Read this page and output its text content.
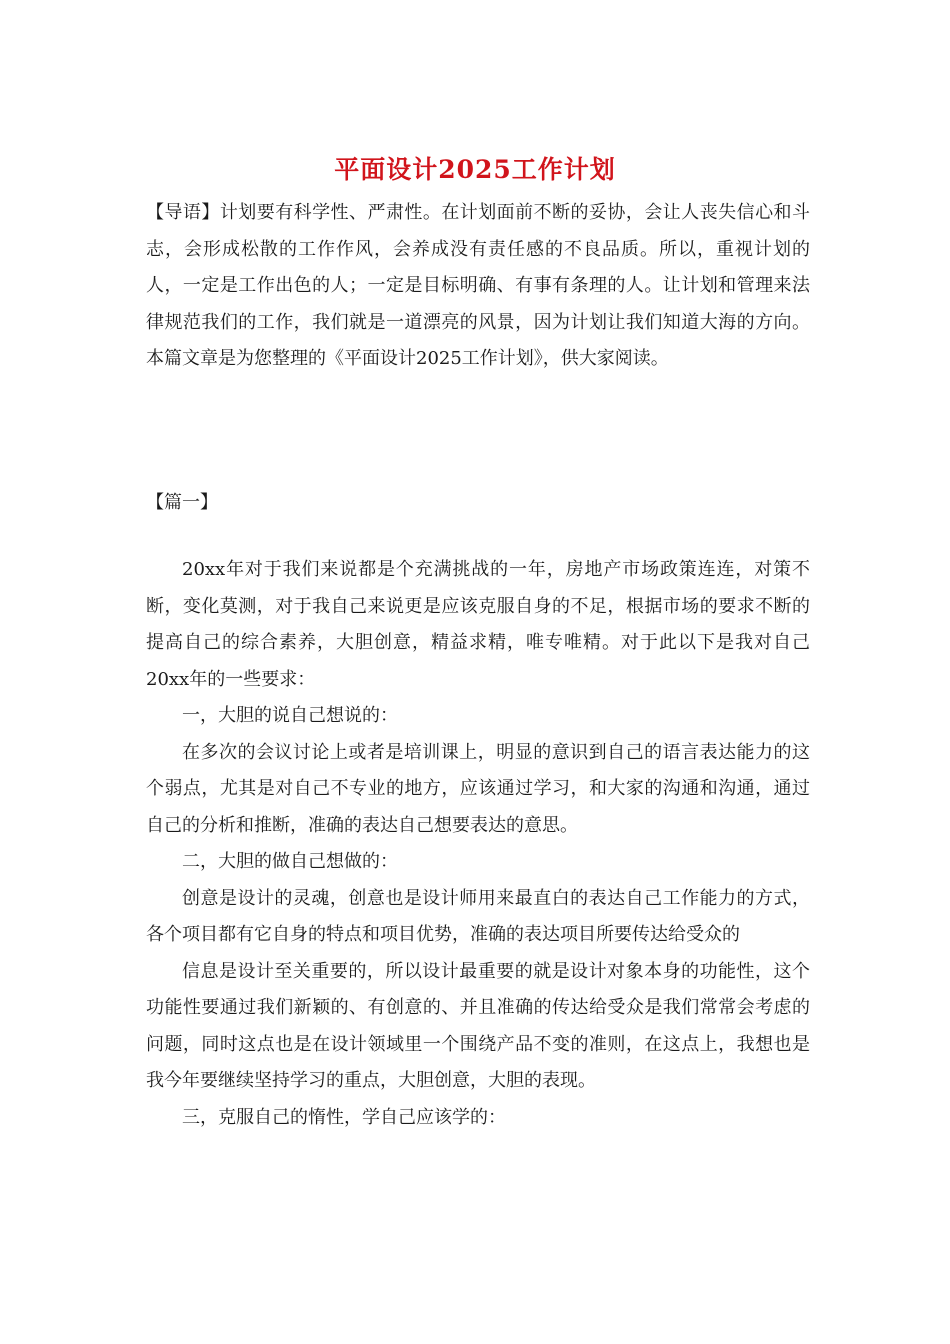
平面设计2025工作计划
【导语】计划要有科学性、严肃性。在计划面前不断的妥协，会让人丧失信心和斗志，会形成松散的工作作风，会养成没有责任感的不良品质。所以，重视计划的人，一定是工作出色的人；一定是目标明确、有事有条理的人。让计划和管理来法律规范我们的工作，我们就是一道漂亮的风景，因为计划让我们知道大海的方向。本篇文章是为您整理的《平面设计2025工作计划》，供大家阅读。
【篇一】

20xx年对于我们来说都是个充满挑战的一年，房地产市场政策连连，对策不断，变化莫测，对于我自己来说更是应该克服自身的不足，根据市场的要求不断的提高自己的综合素养，大胆创意，精益求精，唯专唯精。对于此以下是我对自己20xx年的一些要求：

一，大胆的说自己想说的：

在多次的会议讨论上或者是培训课上，明显的意识到自己的语言表达能力的这个弱点，尤其是对自己不专业的地方，应该通过学习，和大家的沟通和沟通，通过自己的分析和推断，准确的表达自己想要表达的意思。

二，大胆的做自己想做的：

创意是设计的灵魂，创意也是设计师用来最直白的表达自己工作能力的方式，各个项目都有它自身的特点和项目优势，准确的表达项目所要传达给受众的

信息是设计至关重要的，所以设计最重要的就是设计对象本身的功能性，这个功能性要通过我们新颖的、有创意的、并且准确的传达给受众是我们常常会考虑的问题，同时这点也是在设计领域里一个围绕产品不变的准则，在这点上，我想也是我今年要继续坚持学习的重点，大胆创意，大胆的表现。

三，克服自己的惰性，学自己应该学的：
